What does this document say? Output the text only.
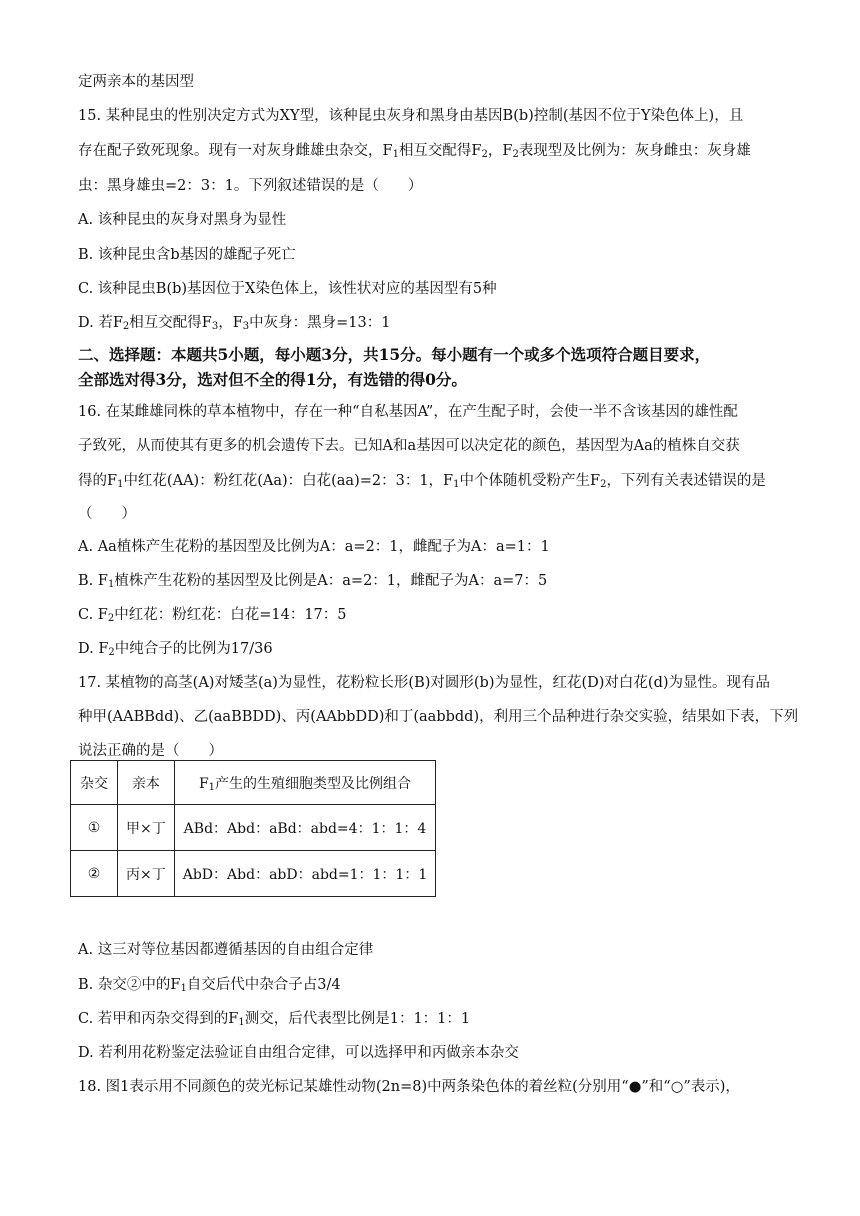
定两亲本的基因型
15. 某种昆虫的性别决定方式为XY型，该种昆虫灰身和黑身由基因B(b)控制(基因不位于Y染色体上)，且
存在配子致死现象。现有一对灰身雌雄虫杂交，$F_1$相互交配得$F_2$，$F_2$表现型及比例为：灰身雌虫：灰身雄
虫：黑身雄虫=2：3：1。下列叙述错误的是（　　）
A. 该种昆虫的灰身对黑身为显性
B. 该种昆虫含b基因的雄配子死亡
C. 该种昆虫B(b)基因位于X染色体上，该性状对应的基因型有5种
D. 若$F_2$相互交配得$F_3$，$F_3$中灰身：黑身=13：1
二、选择题：本题共5小题，每小题3分，共15分。每小题有一个或多个选项符合题目要求，
全部选对得3分，选对但不全的得1分，有选错的得0分。
16. 在某雌雄同株的草本植物中，存在一种“自私基因A”，在产生配子时，会使一半不含该基因的雄性配
子致死，从而使其有更多的机会遗传下去。已知A和a基因可以决定花的颜色，基因型为Aa的植株自交获
得的$F_1$中红花(AA)：粉红花(Aa)：白花(aa)=2：3：1，$F_1$中个体随机受粉产生$F_2$，下列有关表述错误的是
（　　）
A. Aa植株产生花粉的基因型及比例为A：a=2：1，雌配子为A：a=1：1
B. $F_1$植株产生花粉的基因型及比例是A：a=2：1，雌配子为A：a=7：5
C. $F_2$中红花：粉红花：白花=14：17：5
D. $F_2$中纯合子的比例为17/36
17. 某植物的高茎(A)对矮茎(a)为显性，花粉粒长形(B)对圆形(b)为显性，红花(D)对白花(d)为显性。现有品
种甲(AABBdd)、乙(aaBBDD)、丙(AAbbDD)和丁(aabbdd)，利用三个品种进行杂交实验，结果如下表，下列
说法正确的是（　　）
杂交	亲本	$F_1$产生的生殖细胞类型及比例组合
①	甲×丁	ABd：Abd：aBd：abd=4：1：1：4
②	丙×丁	AbD：Abd：abD：abd=1：1：1：1
A. 这三对等位基因都遵循基因的自由组合定律
B. 杂交②中的$F_1$自交后代中杂合子占3/4
C. 若甲和丙杂交得到的$F_1$测交，后代表型比例是1：1：1：1
D. 若利用花粉鉴定法验证自由组合定律，可以选择甲和丙做亲本杂交
18. 图1表示用不同颜色的荧光标记某雄性动物(2n=8)中两条染色体的着丝粒(分别用“●”和“○”表示)，
